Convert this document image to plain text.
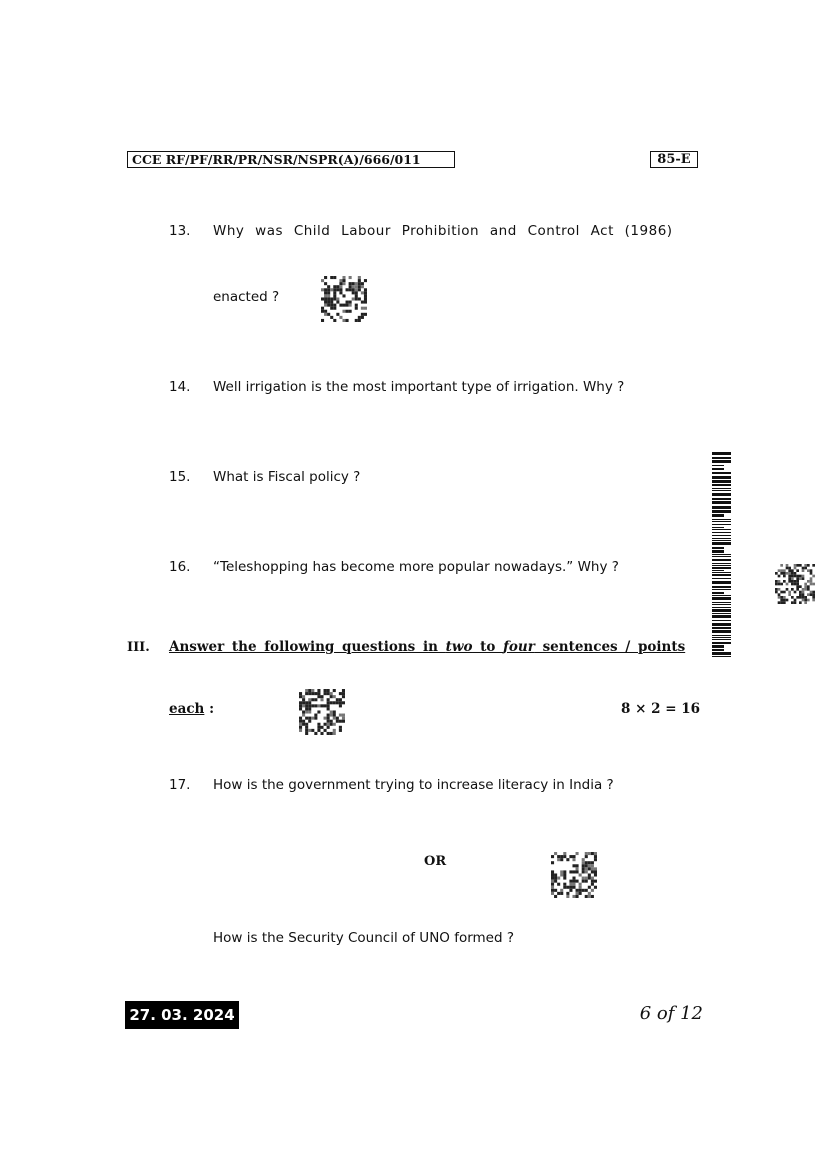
CCE RF/PF/RR/PR/NSR/NSPR(A)/666/011	85-E
13. Why was Child Labour Prohibition and Control Act (1986)
enacted ?
14. Well irrigation is the most important type of irrigation. Why ?
15. What is Fiscal policy ?
16. “Teleshopping has become more popular nowadays.” Why ?
III. Answer the following questions in two to four sentences / points
each :	8 × 2 = 16
17. How is the government trying to increase literacy in India ?
OR
How is the Security Council of UNO formed ?
27. 03. 2024	6 of 12
